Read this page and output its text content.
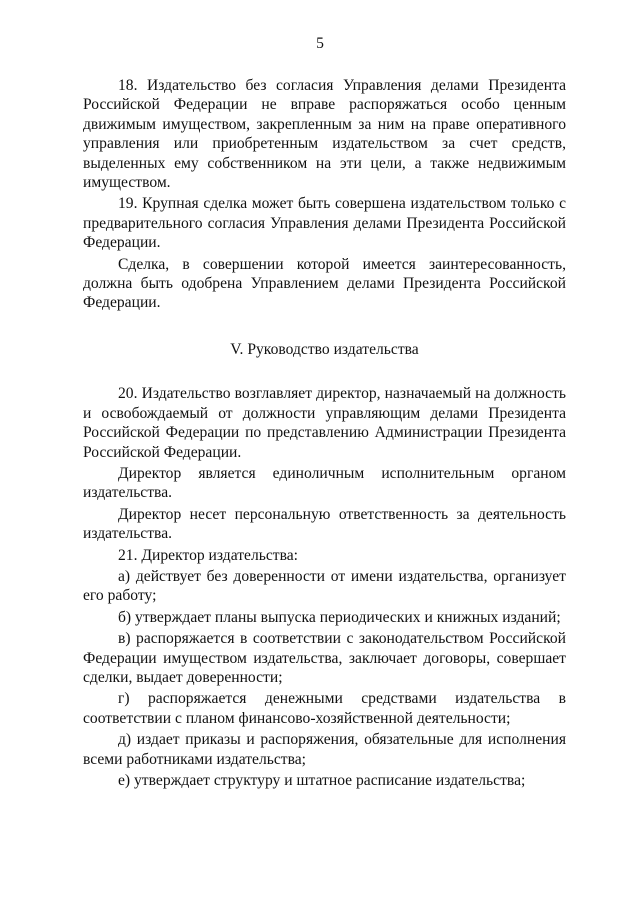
5

18. Издательство без согласия Управления делами Президента Российской Федерации не вправе распоряжаться особо ценным движимым имуществом, закрепленным за ним на праве оперативного управления или приобретенным издательством за счет средств, выделенных ему собственником на эти цели, а также недвижимым имуществом.

19. Крупная сделка может быть совершена издательством только с предварительного согласия Управления делами Президента Российской Федерации.

Сделка, в совершении которой имеется заинтересованность, должна быть одобрена Управлением делами Президента Российской Федерации.

V. Руководство издательства

20. Издательство возглавляет директор, назначаемый на должность и освобождаемый от должности управляющим делами Президента Российской Федерации по представлению Администрации Президента Российской Федерации.

Директор является единоличным исполнительным органом издательства.

Директор несет персональную ответственность за деятельность издательства.

21. Директор издательства:

а) действует без доверенности от имени издательства, организует его работу;

б) утверждает планы выпуска периодических и книжных изданий;

в) распоряжается в соответствии с законодательством Российской Федерации имуществом издательства, заключает договоры, совершает сделки, выдает доверенности;

г) распоряжается денежными средствами издательства в соответствии с планом финансово-хозяйственной деятельности;

д) издает приказы и распоряжения, обязательные для исполнения всеми работниками издательства;

е) утверждает структуру и штатное расписание издательства;
